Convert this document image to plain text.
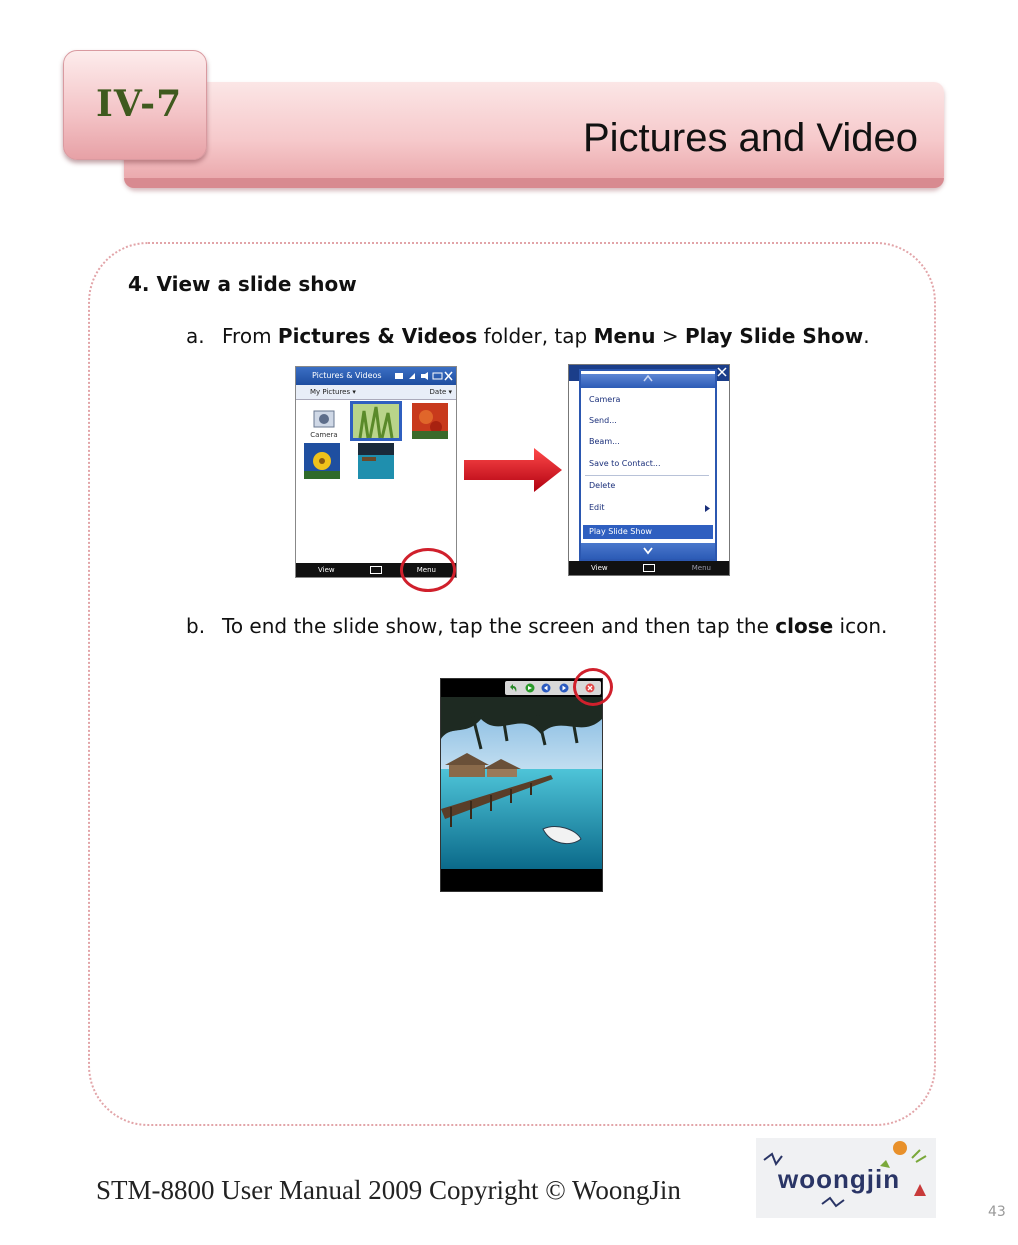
Pictures and Video
IV-7
4. View a slide show
a. From Pictures & Videos folder, tap Menu > Play Slide Show.
Pictures & Videos
My Pictures ▾	Date ▾
Camera
View	Menu
Camera
Send...
Beam...
Save to Contact...
Delete
Edit
Play Slide Show
View	Menu
b. To end the slide show, tap the screen and then tap the close icon.
STM-8800 User Manual 2009 Copyright © WoongJin	woongjin
43
